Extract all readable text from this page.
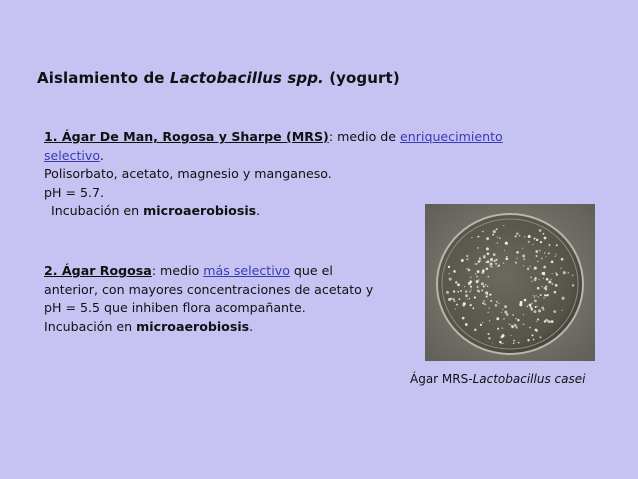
Aislamiento de Lactobacillus spp. (yogurt)
1. Ágar De Man, Rogosa y Sharpe (MRS): medio de enriquecimiento
selectivo.
Polisorbato, acetato, magnesio y manganeso.
pH = 5.7.
Incubación en microaerobiosis.
2. Ágar Rogosa: medio más selectivo que el anterior, con mayores concentraciones de acetato y pH = 5.5 que inhiben flora acompañante.
Incubación en microaerobiosis.
Ágar MRS-Lactobacillus casei
